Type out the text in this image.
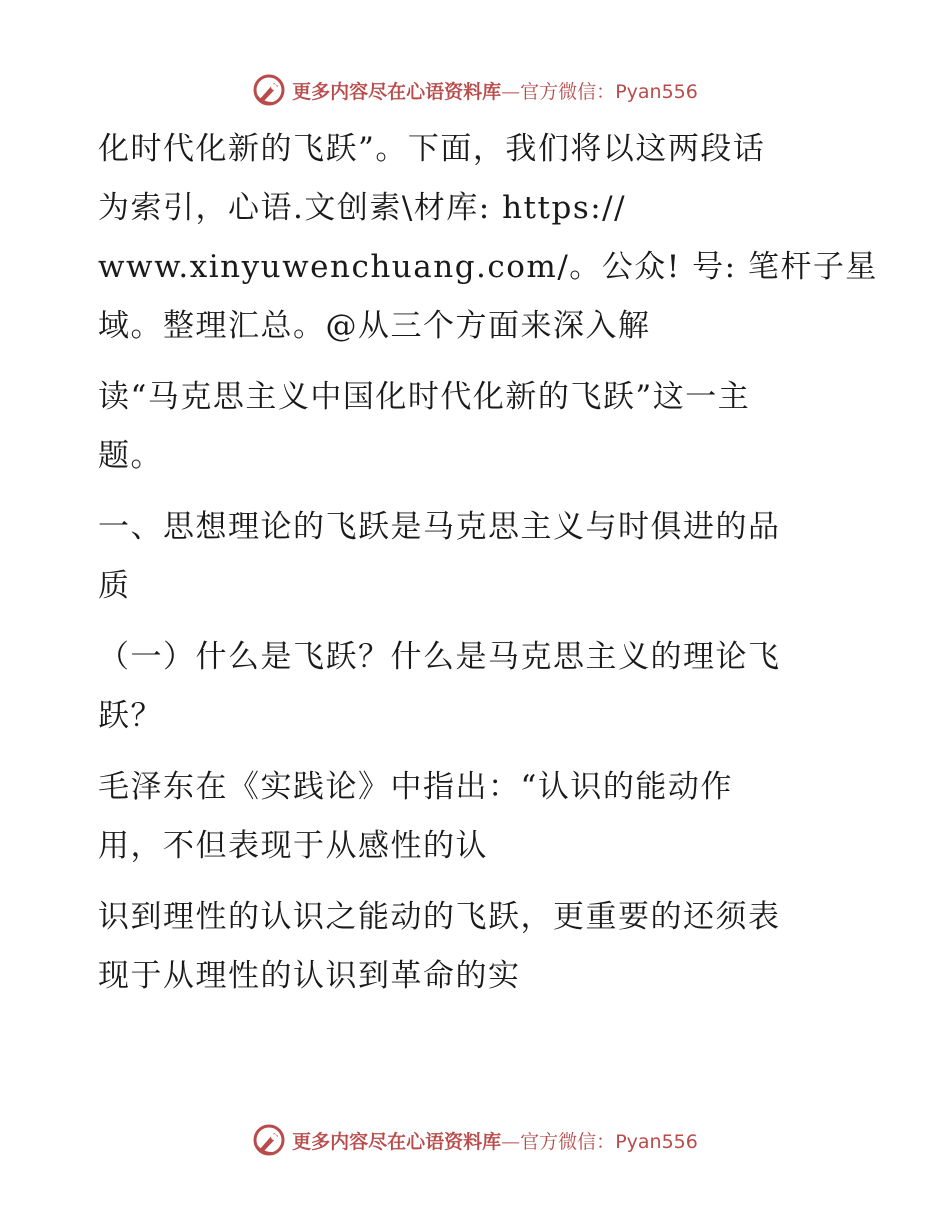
更多内容尽在心语资料库—官方微信：Pyan556

化时代化新的飞跃”。下面，我们将以这两段话
为索引，心语.文创素\材库: https://
www.xinyuwenchuang.com/。公众! 号: 笔杆子星
域。整理汇总。@从三个方面来深入解

读“马克思主义中国化时代化新的飞跃”这一主
题。

一、思想理论的飞跃是马克思主义与时俱进的品
质

（一）什么是飞跃？什么是马克思主义的理论飞
跃？

毛泽东在《实践论》中指出：“认识的能动作
用，不但表现于从感性的认

识到理性的认识之能动的飞跃，更重要的还须表
现于从理性的认识到革命的实

更多内容尽在心语资料库—官方微信：Pyan556
